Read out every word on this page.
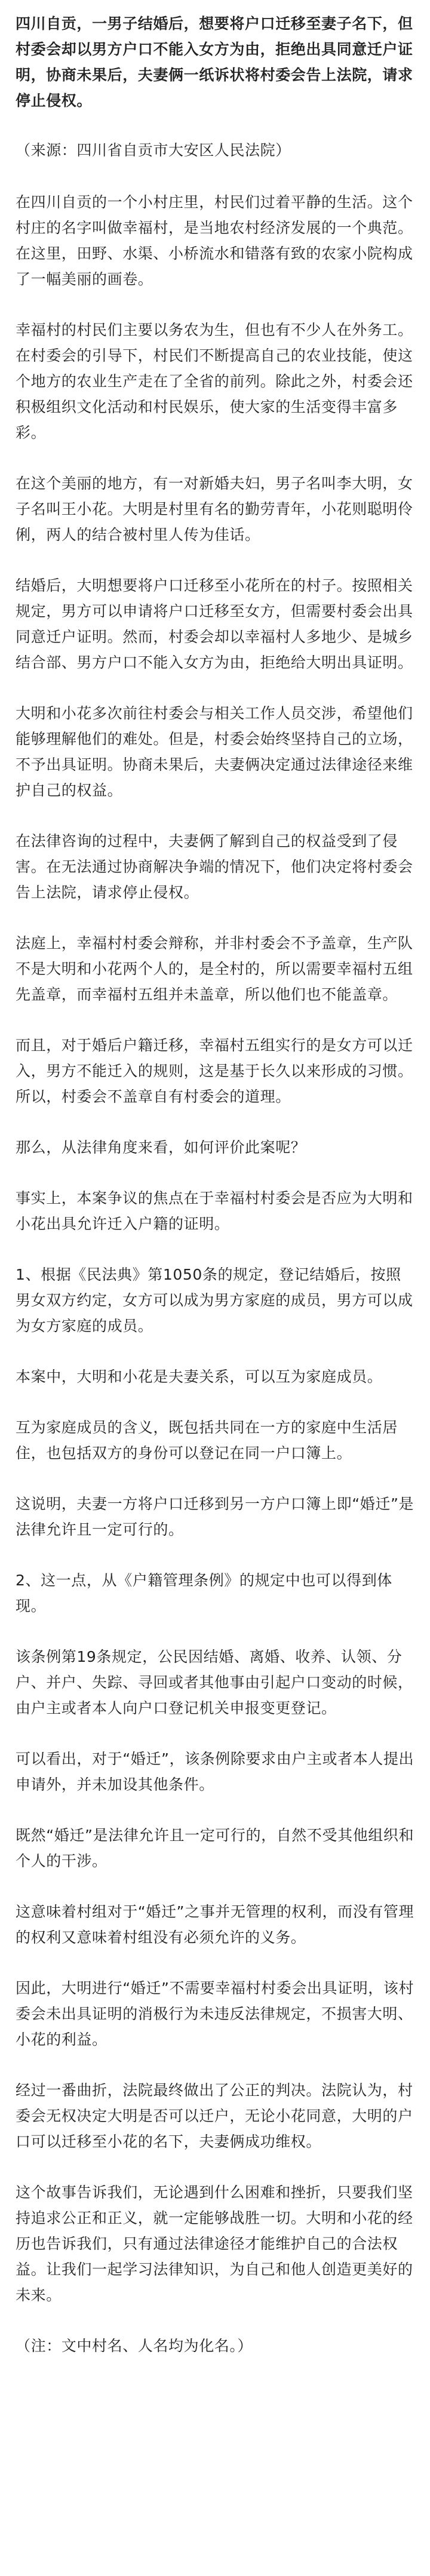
四川自贡，一男子结婚后，想要将户口迁移至妻子名下，但村委会却以男方户口不能入女方为由，拒绝出具同意迁户证明，协商未果后，夫妻俩一纸诉状将村委会告上法院，请求停止侵权。

（来源：四川省自贡市大安区人民法院）

在四川自贡的一个小村庄里，村民们过着平静的生活。这个村庄的名字叫做幸福村，是当地农村经济发展的一个典范。在这里，田野、水渠、小桥流水和错落有致的农家小院构成了一幅美丽的画卷。

幸福村的村民们主要以务农为生，但也有不少人在外务工。在村委会的引导下，村民们不断提高自己的农业技能，使这个地方的农业生产走在了全省的前列。除此之外，村委会还积极组织文化活动和村民娱乐，使大家的生活变得丰富多彩。

在这个美丽的地方，有一对新婚夫妇，男子名叫李大明，女子名叫王小花。大明是村里有名的勤劳青年，小花则聪明伶俐，两人的结合被村里人传为佳话。

结婚后，大明想要将户口迁移至小花所在的村子。按照相关规定，男方可以申请将户口迁移至女方，但需要村委会出具同意迁户证明。然而，村委会却以幸福村人多地少、是城乡结合部、男方户口不能入女方为由，拒绝给大明出具证明。

大明和小花多次前往村委会与相关工作人员交涉，希望他们能够理解他们的难处。但是，村委会始终坚持自己的立场，不予出具证明。协商未果后，夫妻俩决定通过法律途径来维护自己的权益。

在法律咨询的过程中，夫妻俩了解到自己的权益受到了侵害。在无法通过协商解决争端的情况下，他们决定将村委会告上法院，请求停止侵权。

法庭上，幸福村村委会辩称，并非村委会不予盖章，生产队不是大明和小花两个人的，是全村的，所以需要幸福村五组先盖章，而幸福村五组并未盖章，所以他们也不能盖章。

而且，对于婚后户籍迁移，幸福村五组实行的是女方可以迁入，男方不能迁入的规则，这是基于长久以来形成的习惯。所以，村委会不盖章自有村委会的道理。

那么，从法律角度来看，如何评价此案呢？

事实上，本案争议的焦点在于幸福村村委会是否应为大明和小花出具允许迁入户籍的证明。

1、根据《民法典》第1050条的规定，登记结婚后，按照男女双方约定，女方可以成为男方家庭的成员，男方可以成为女方家庭的成员。

本案中，大明和小花是夫妻关系，可以互为家庭成员。

互为家庭成员的含义，既包括共同在一方的家庭中生活居住，也包括双方的身份可以登记在同一户口簿上。

这说明，夫妻一方将户口迁移到另一方户口簿上即“婚迁”是法律允许且一定可行的。

2、这一点，从《户籍管理条例》的规定中也可以得到体现。

该条例第19条规定，公民因结婚、离婚、收养、认领、分户、并户、失踪、寻回或者其他事由引起户口变动的时候，由户主或者本人向户口登记机关申报变更登记。

可以看出，对于“婚迁”，该条例除要求由户主或者本人提出申请外，并未加设其他条件。

既然“婚迁”是法律允许且一定可行的，自然不受其他组织和个人的干涉。

这意味着村组对于“婚迁”之事并无管理的权利，而没有管理的权利又意味着村组没有必须允许的义务。

因此，大明进行“婚迁”不需要幸福村村委会出具证明，该村委会未出具证明的消极行为未违反法律规定，不损害大明、小花的利益。

经过一番曲折，法院最终做出了公正的判决。法院认为，村委会无权决定大明是否可以迁户，无论小花同意，大明的户口可以迁移至小花的名下，夫妻俩成功维权。

这个故事告诉我们，无论遇到什么困难和挫折，只要我们坚持追求公正和正义，就一定能够战胜一切。大明和小花的经历也告诉我们，只有通过法律途径才能维护自己的合法权益。让我们一起学习法律知识，为自己和他人创造更美好的未来。

（注：文中村名、人名均为化名。）
